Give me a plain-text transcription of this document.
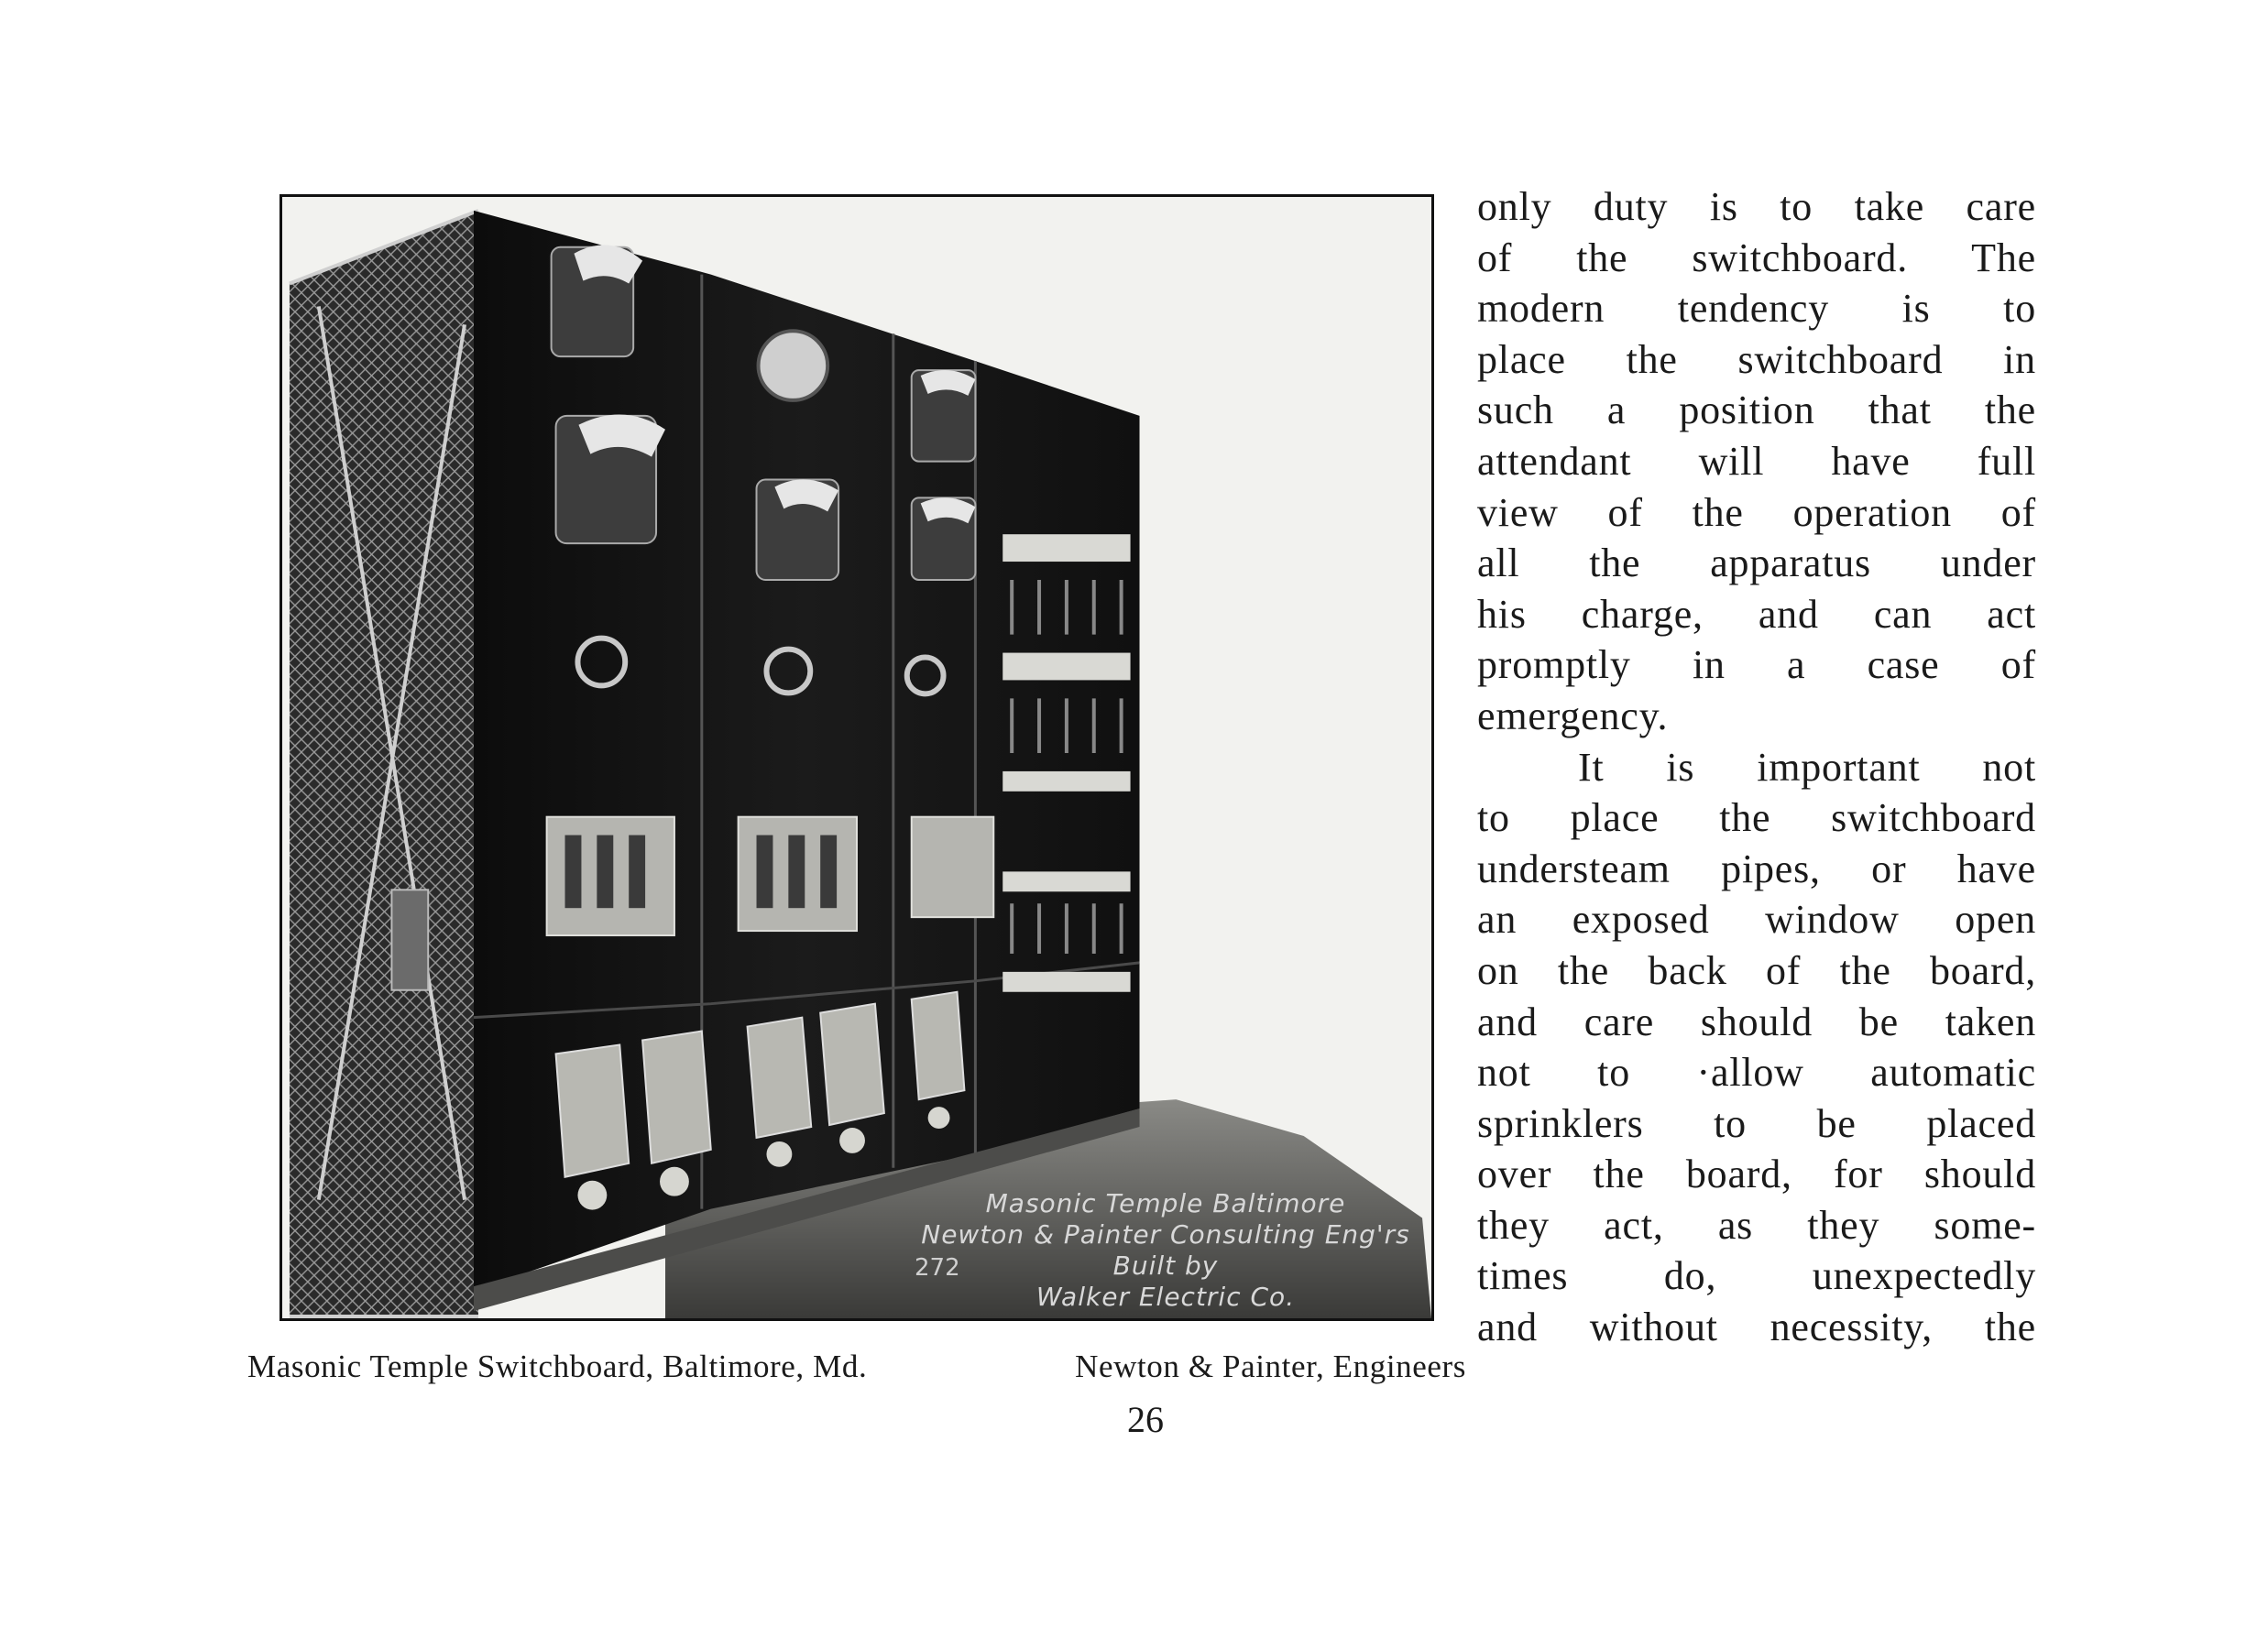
Masonic Temple Baltimore
Newton & Painter Consulting Eng'rs
Built by
Walker Electric Co.
272
Masonic Temple Switchboard, Baltimore, Md.	Newton & Painter, Engineers
26
only duty is to take care
of the switchboard. The
modern tendency is to
place the switchboard in
such a position that the
attendant will have full
view of the operation of
all the apparatus under
his charge, and can act
promptly in a case of
emergency.
It is important not
to place the switchboard
understeam pipes, or have
an exposed window open
on the back of the board,
and care should be taken
not to ·allow automatic
sprinklers to be placed
over the board, for should
they act, as they some-
times do, unexpectedly
and without necessity, the
